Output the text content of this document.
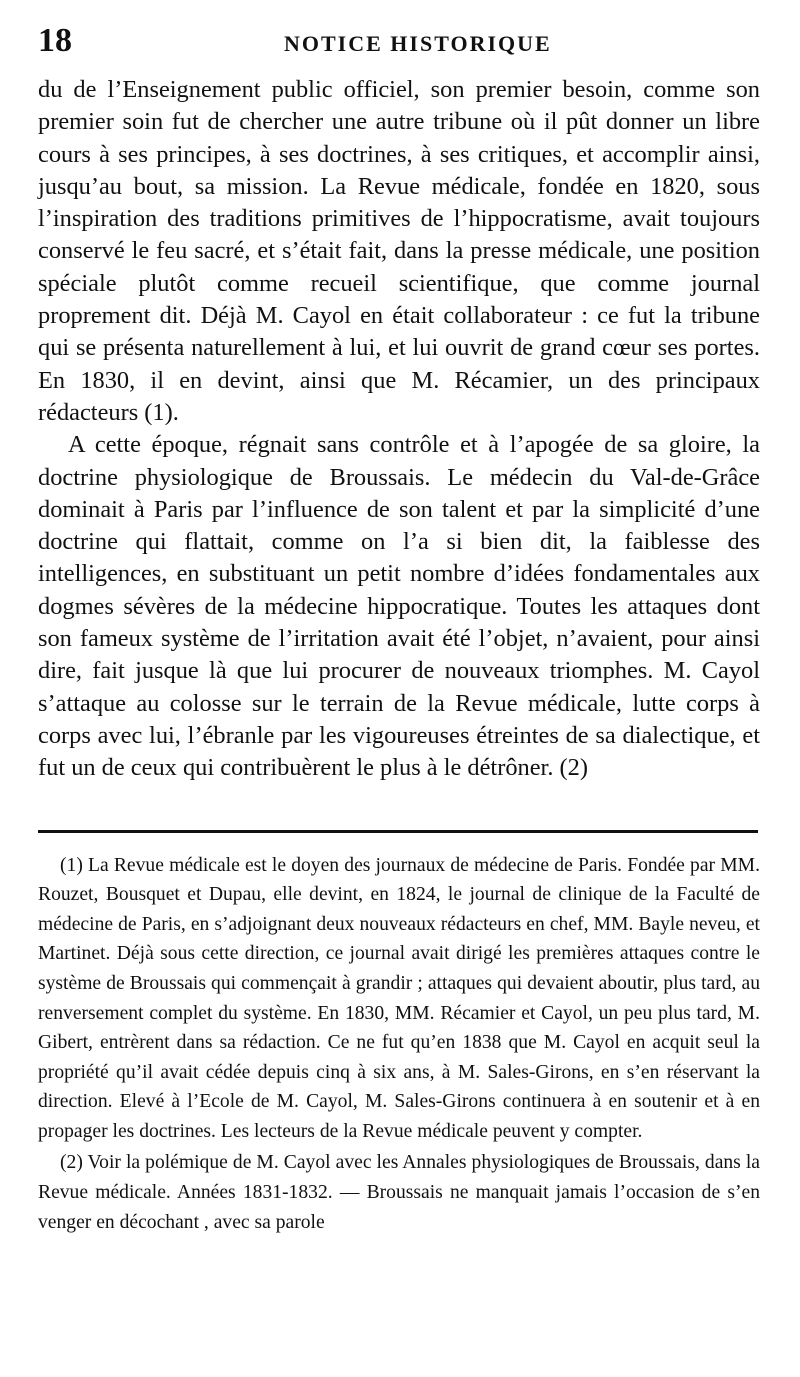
18	NOTICE HISTORIQUE

du de l’Enseignement public officiel, son premier besoin, comme son premier soin fut de chercher une autre tribune où il pût donner un libre cours à ses principes, à ses doctrines, à ses critiques, et accomplir ainsi, jusqu’au bout, sa mission. La Revue médicale, fondée en 1820, sous l’inspiration des traditions primitives de l’hippocratisme, avait toujours conservé le feu sacré, et s’était fait, dans la presse médicale, une position spéciale plutôt comme recueil scientifique, que comme journal proprement dit. Déjà M. Cayol en était collaborateur : ce fut la tribune qui se présenta naturellement à lui, et lui ouvrit de grand cœur ses portes. En 1830, il en devint, ainsi que M. Récamier, un des principaux rédacteurs (1).

A cette époque, régnait sans contrôle et à l’apogée de sa gloire, la doctrine physiologique de Broussais. Le médecin du Val-de-Grâce dominait à Paris par l’influence de son talent et par la simplicité d’une doctrine qui flattait, comme on l’a si bien dit, la faiblesse des intelligences, en substituant un petit nombre d’idées fondamentales aux dogmes sévères de la médecine hippocratique. Toutes les attaques dont son fameux système de l’irritation avait été l’objet, n’avaient, pour ainsi dire, fait jusque là que lui procurer de nouveaux triomphes. M. Cayol s’attaque au colosse sur le terrain de la Revue médicale, lutte corps à corps avec lui, l’ébranle par les vigoureuses étreintes de sa dialectique, et fut un de ceux qui contribuèrent le plus à le détrôner. (2)

(1) La Revue médicale est le doyen des journaux de médecine de Paris. Fondée par MM. Rouzet, Bousquet et Dupau, elle devint, en 1824, le journal de clinique de la Faculté de médecine de Paris, en s’adjoignant deux nouveaux rédacteurs en chef, MM. Bayle neveu, et Martinet. Déjà sous cette direction, ce journal avait dirigé les premières attaques contre le système de Broussais qui commençait à grandir ; attaques qui devaient aboutir, plus tard, au renversement complet du système. En 1830, MM. Récamier et Cayol, un peu plus tard, M. Gibert, entrèrent dans sa rédaction. Ce ne fut qu’en 1838 que M. Cayol en acquit seul la propriété qu’il avait cédée depuis cinq à six ans, à M. Sales-Girons, en s’en réservant la direction. Elevé à l’Ecole de M. Cayol, M. Sales-Girons continuera à en soutenir et à en propager les doctrines. Les lecteurs de la Revue médicale peuvent y compter.

(2) Voir la polémique de M. Cayol avec les Annales physiologiques de Broussais, dans la Revue médicale. Années 1831-1832. — Broussais ne manquait jamais l’occasion de s’en venger en décochant , avec sa parole
